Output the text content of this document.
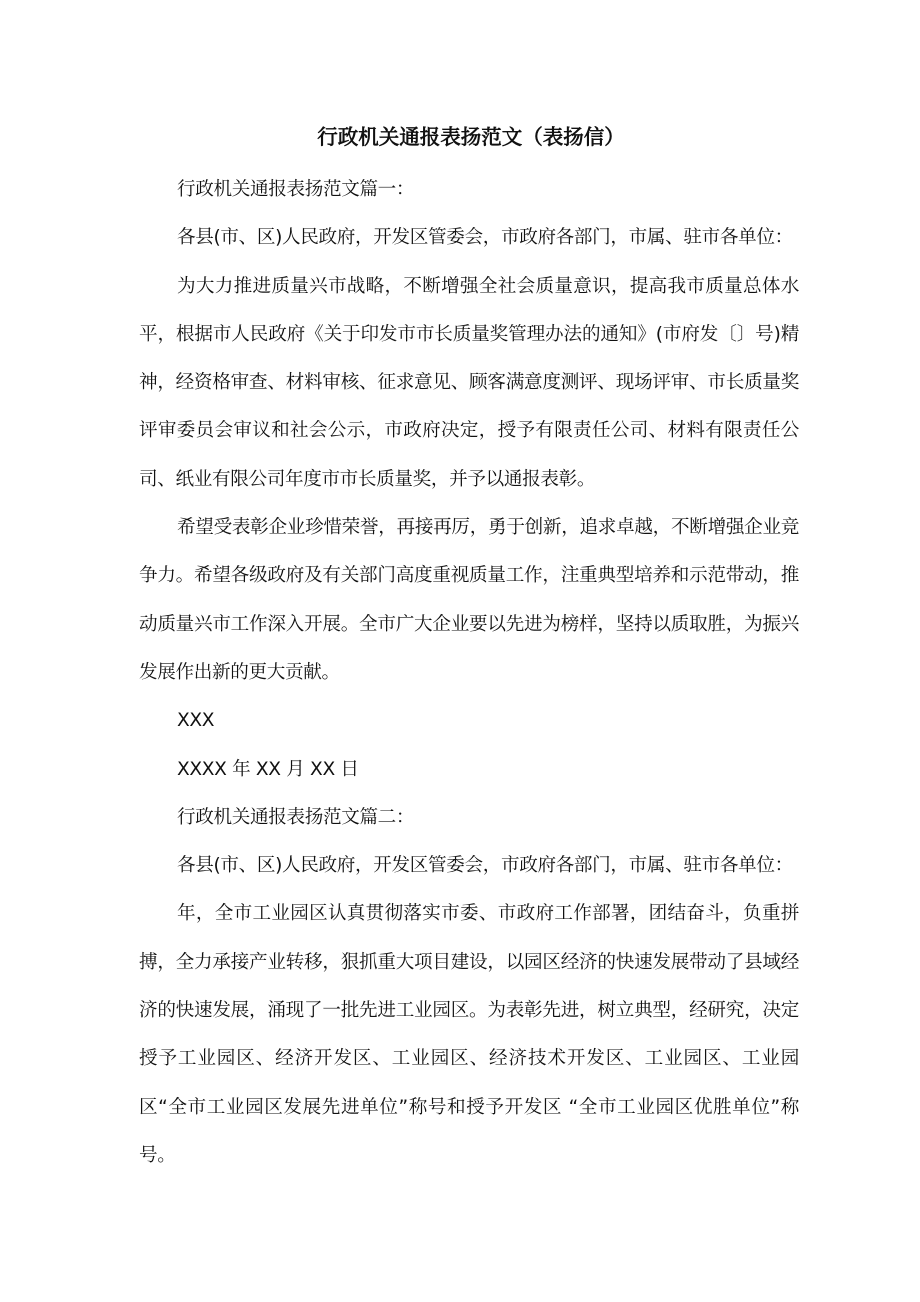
行政机关通报表扬范文（表扬信）

行政机关通报表扬范文篇一：

各县(市、区)人民政府，开发区管委会，市政府各部门，市属、驻市各单位：

为大力推进质量兴市战略，不断增强全社会质量意识，提高我市质量总体水平，根据市人民政府《关于印发市市长质量奖管理办法的通知》(市府发〔〕号)精神，经资格审查、材料审核、征求意见、顾客满意度测评、现场评审、市长质量奖评审委员会审议和社会公示，市政府决定，授予有限责任公司、材料有限责任公司、纸业有限公司年度市市长质量奖，并予以通报表彰。

希望受表彰企业珍惜荣誉，再接再厉，勇于创新，追求卓越，不断增强企业竞争力。希望各级政府及有关部门高度重视质量工作，注重典型培养和示范带动，推动质量兴市工作深入开展。全市广大企业要以先进为榜样，坚持以质取胜，为振兴发展作出新的更大贡献。

XXX

XXXX 年 XX 月 XX 日

行政机关通报表扬范文篇二：

各县(市、区)人民政府，开发区管委会，市政府各部门，市属、驻市各单位：

年，全市工业园区认真贯彻落实市委、市政府工作部署，团结奋斗，负重拼搏，全力承接产业转移，狠抓重大项目建设，以园区经济的快速发展带动了县域经济的快速发展，涌现了一批先进工业园区。为表彰先进，树立典型，经研究，决定授予工业园区、经济开发区、工业园区、经济技术开发区、工业园区、工业园区“全市工业园区发展先进单位”称号和授予开发区 “全市工业园区优胜单位”称号。
